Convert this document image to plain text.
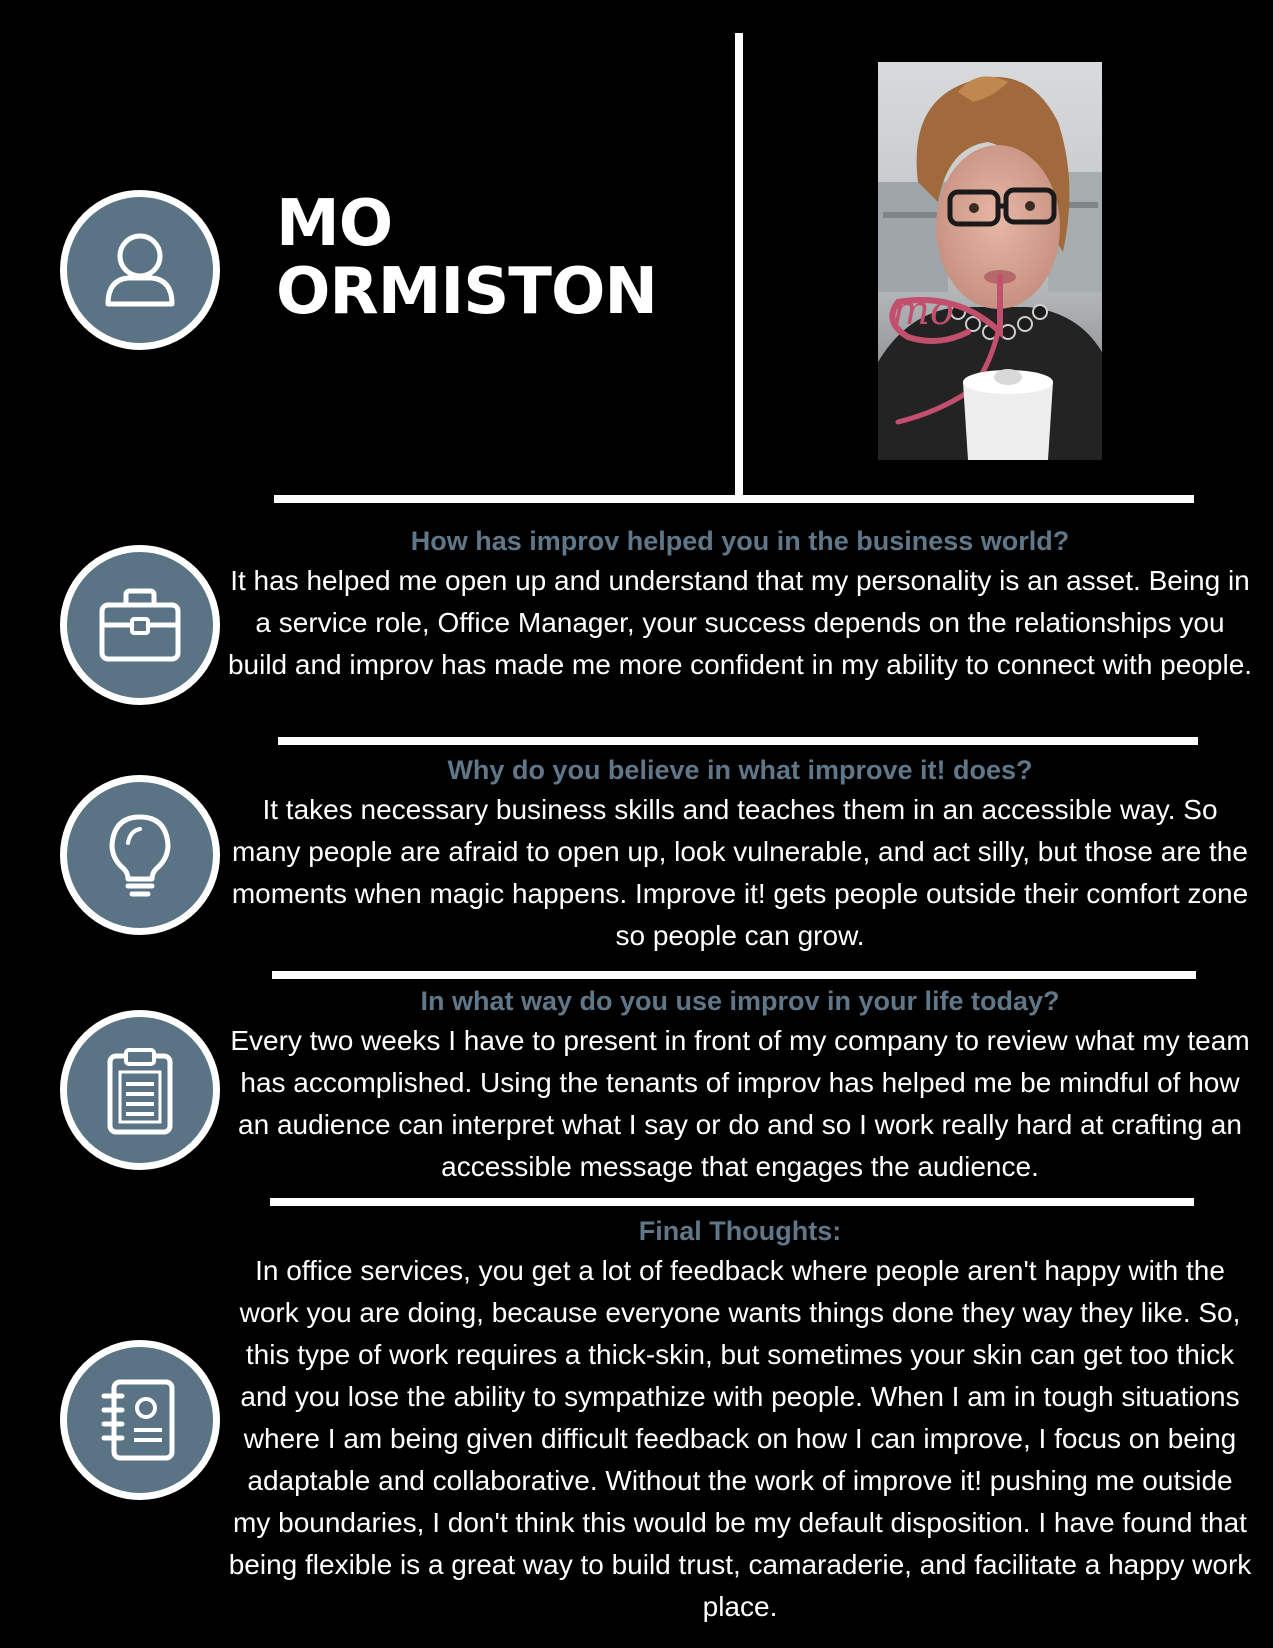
MO
ORMISTON	mo

How has improv helped you in the business world?

It has helped me open up and understand that my personality is an asset. Being in a service role, Office Manager, your success depends on the relationships you build and improv has made me more confident in my ability to connect with people.

Why do you believe in what improve it! does?

It takes necessary business skills and teaches them in an accessible way. So many people are afraid to open up, look vulnerable, and act silly, but those are the moments when magic happens. Improve it! gets people outside their comfort zone so people can grow.

In what way do you use improv in your life today?

Every two weeks I have to present in front of my company to review what my team has accomplished. Using the tenants of improv has helped me be mindful of how an audience can interpret what I say or do and so I work really hard at crafting an accessible message that engages the audience.

Final Thoughts:

In office services, you get a lot of feedback where people aren't happy with the work you are doing, because everyone wants things done they way they like. So, this type of work requires a thick-skin, but sometimes your skin can get too thick and you lose the ability to sympathize with people. When I am in tough situations where I am being given difficult feedback on how I can improve, I focus on being adaptable and collaborative. Without the work of improve it! pushing me outside my boundaries, I don't think this would be my default disposition. I have found that being flexible is a great way to build trust, camaraderie, and facilitate a happy work place.
